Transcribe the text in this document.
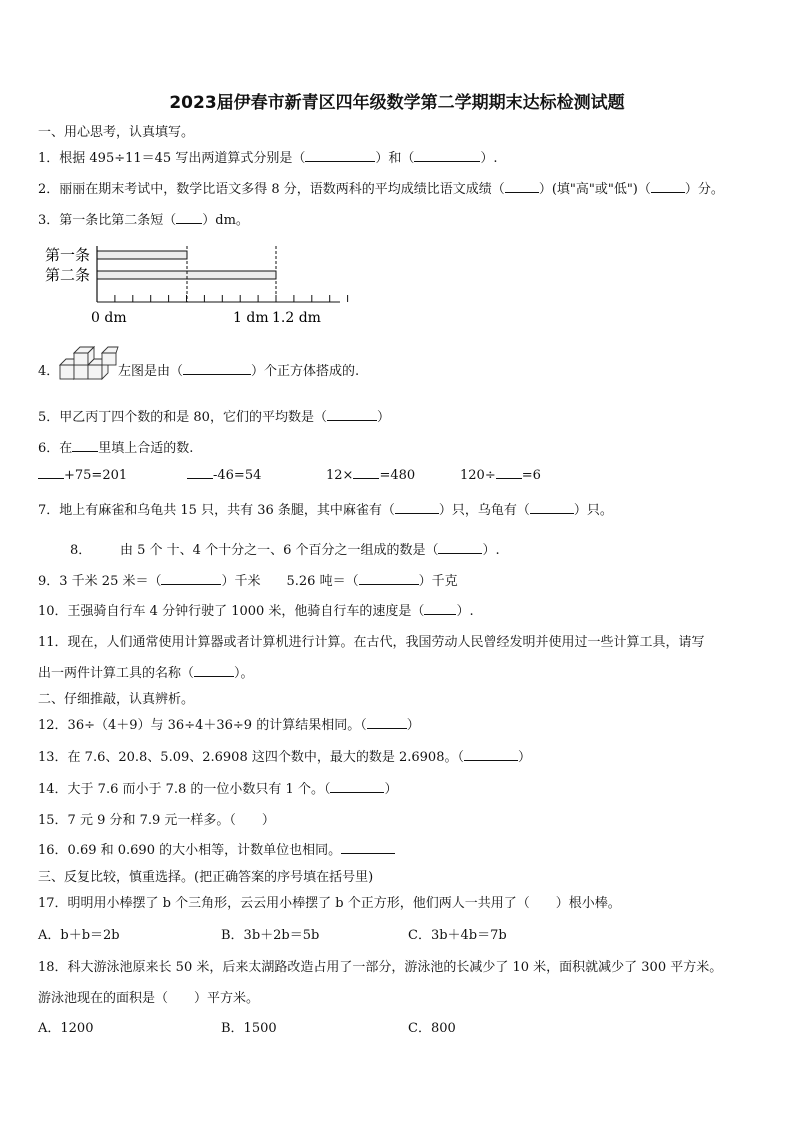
2023届伊春市新青区四年级数学第二学期期末达标检测试题
一、用心思考，认真填写。
1．根据 495÷11＝45 写出两道算式分别是（	）和（	）.
2．丽丽在期末考试中，数学比语文多得 8 分，语数两科的平均成绩比语文成绩（	）(填"高"或"低")（	）分。
3．第一条比第二条短（ ）dm。
第一条
第二条
0 dm	1 dm 1.2 dm
4．	左图是由（	）个正方体搭成的.
5．甲乙丙丁四个数的和是 80，它们的平均数是（	）
6．在 里填上合适的数.
+75=201	-46=54	12× =480	120÷ =6
7．地上有麻雀和乌龟共 15 只，共有 36 条腿，其中麻雀有（	）只，乌龟有（	）只。
8． 由 5 个 十、4 个十分之一、6 个百分之一组成的数是（	）.
9．3 千米 25 米＝（	）千米 5.26 吨＝（	）千克
10．王强骑自行车 4 分钟行驶了 1000 米，他骑自行车的速度是（ ）.
11．现在，人们通常使用计算器或者计算机进行计算。在古代，我国劳动人民曾经发明并使用过一些计算工具，请写
出一两件计算工具的名称（	）。
二、仔细推敲，认真辨析。
12．36÷（4＋9）与 36÷4＋36÷9 的计算结果相同。（	）
13．在 7.6、20.8、5.09、2.6908 这四个数中，最大的数是 2.6908。（	）
14．大于 7.6 而小于 7.8 的一位小数只有 1 个。（	）
15．7 元 9 分和 7.9 元一样多。（ ）
16．0.69 和 0.690 的大小相等，计数单位也相同。
三、反复比较，慎重选择。(把正确答案的序号填在括号里)
17．明明用小棒摆了 b 个三角形，云云用小棒摆了 b 个正方形，他们两人一共用了（ ）根小棒。
A．b＋b＝2b	B．3b＋2b＝5b	C．3b＋4b＝7b
18．科大游泳池原来长 50 米，后来太湖路改造占用了一部分，游泳池的长减少了 10 米，面积就减少了 300 平方米。
游泳池现在的面积是（ ）平方米。
A．1200	B．1500	C．800
